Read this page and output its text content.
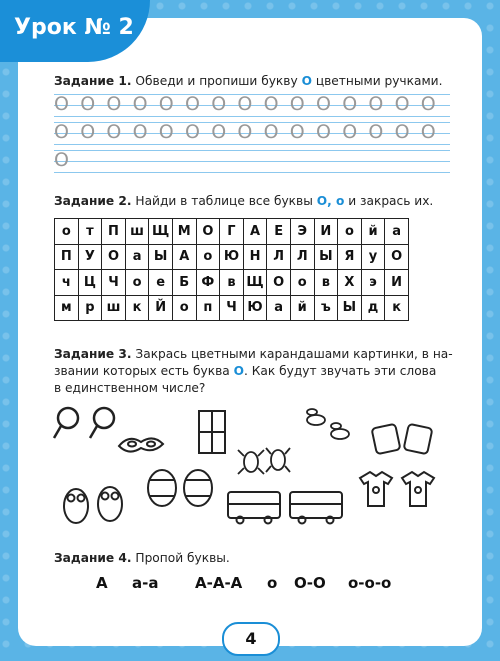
Урок № 2
Задание 1. Обведи и пропиши букву О цветными ручками.
О О О О О О О О О О О О О О О
О О О О О О О О О О О О О О О
О
Задание 2. Найди в таблице все буквы О, о и закрась их.
о	т	П	ш	Щ	М	О	Г	А	Е	Э	И	о	й	а
П	У	О	а	Ы	А	о	Ю	Н	Л	Л	Ы	Я	у	О
ч	Ц	Ч	о	е	Б	Ф	в	Щ	О	о	в	Х	э	И
м	р	ш	к	Й	о	п	Ч	Ю	а	й	ъ	Ы	д	к
Задание 3. Закрась цветными карандашами картинки, в на-
звании которых есть буква О. Как будут звучать эти слова
в единственном числе?
Задание 4. Пропой буквы.
А а-а А-А-А о О-О о-о-о
4
